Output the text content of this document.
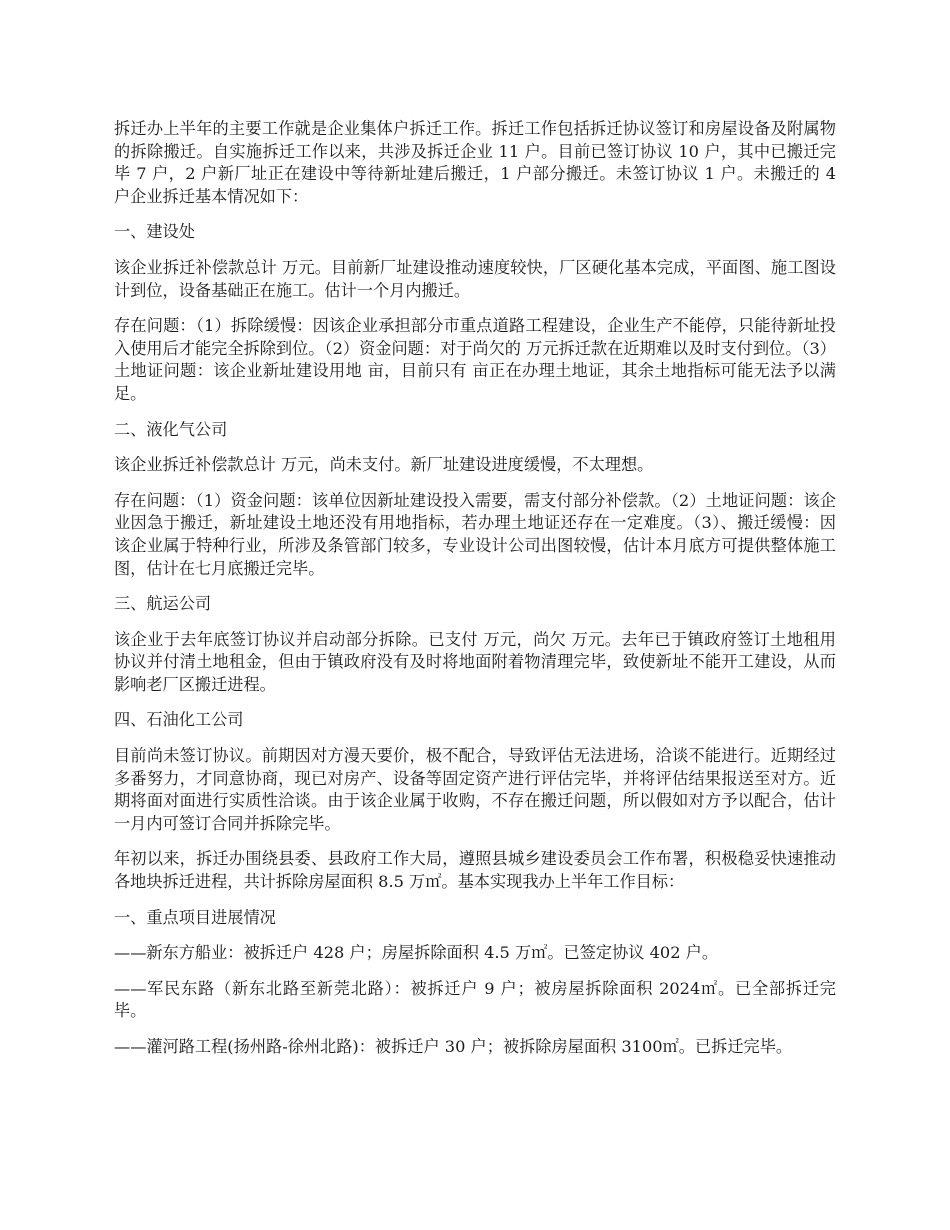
拆迁办上半年的主要工作就是企业集体户拆迁工作。拆迁工作包括拆迁协议签订和房屋设备及附属物的拆除搬迁。自实施拆迁工作以来，共涉及拆迁企业 11 户。目前已签订协议 10 户，其中已搬迁完毕 7 户，2 户新厂址正在建设中等待新址建后搬迁，1 户部分搬迁。未签订协议 1 户。未搬迁的 4 户企业拆迁基本情况如下：

一、建设处

该企业拆迁补偿款总计 万元。目前新厂址建设推动速度较快，厂区硬化基本完成，平面图、施工图设计到位，设备基础正在施工。估计一个月内搬迁。

存在问题：（1）拆除缓慢：因该企业承担部分市重点道路工程建设，企业生产不能停，只能待新址投入使用后才能完全拆除到位。（2）资金问题：对于尚欠的 万元拆迁款在近期难以及时支付到位。（3）土地证问题：该企业新址建设用地 亩，目前只有 亩正在办理土地证，其余土地指标可能无法予以满足。

二、液化气公司

该企业拆迁补偿款总计 万元，尚未支付。新厂址建设进度缓慢，不太理想。

存在问题：（1）资金问题：该单位因新址建设投入需要，需支付部分补偿款。（2）土地证问题：该企业因急于搬迁，新址建设土地还没有用地指标，若办理土地证还存在一定难度。（3）、搬迁缓慢：因该企业属于特种行业，所涉及条管部门较多，专业设计公司出图较慢，估计本月底方可提供整体施工图，估计在七月底搬迁完毕。

三、航运公司

该企业于去年底签订协议并启动部分拆除。已支付 万元，尚欠 万元。去年已于镇政府签订土地租用协议并付清土地租金，但由于镇政府没有及时将地面附着物清理完毕，致使新址不能开工建设，从而影响老厂区搬迁进程。

四、石油化工公司

目前尚未签订协议。前期因对方漫天要价，极不配合，导致评估无法进场，洽谈不能进行。近期经过多番努力，才同意协商，现已对房产、设备等固定资产进行评估完毕，并将评估结果报送至对方。近期将面对面进行实质性洽谈。由于该企业属于收购，不存在搬迁问题，所以假如对方予以配合，估计一月内可签订合同并拆除完毕。

年初以来，拆迁办围绕县委、县政府工作大局，遵照县城乡建设委员会工作布署，积极稳妥快速推动各地块拆迁进程，共计拆除房屋面积 8.5 万㎡。基本实现我办上半年工作目标：

一、重点项目进展情况

——新东方船业：被拆迁户 428 户；房屋拆除面积 4.5 万㎡。已签定协议 402 户。

——军民东路（新东北路至新莞北路）：被拆迁户 9 户；被房屋拆除面积 2024㎡。已全部拆迁完毕。

——灌河路工程(扬州路-徐州北路)：被拆迁户 30 户；被拆除房屋面积 3100㎡。已拆迁完毕。
